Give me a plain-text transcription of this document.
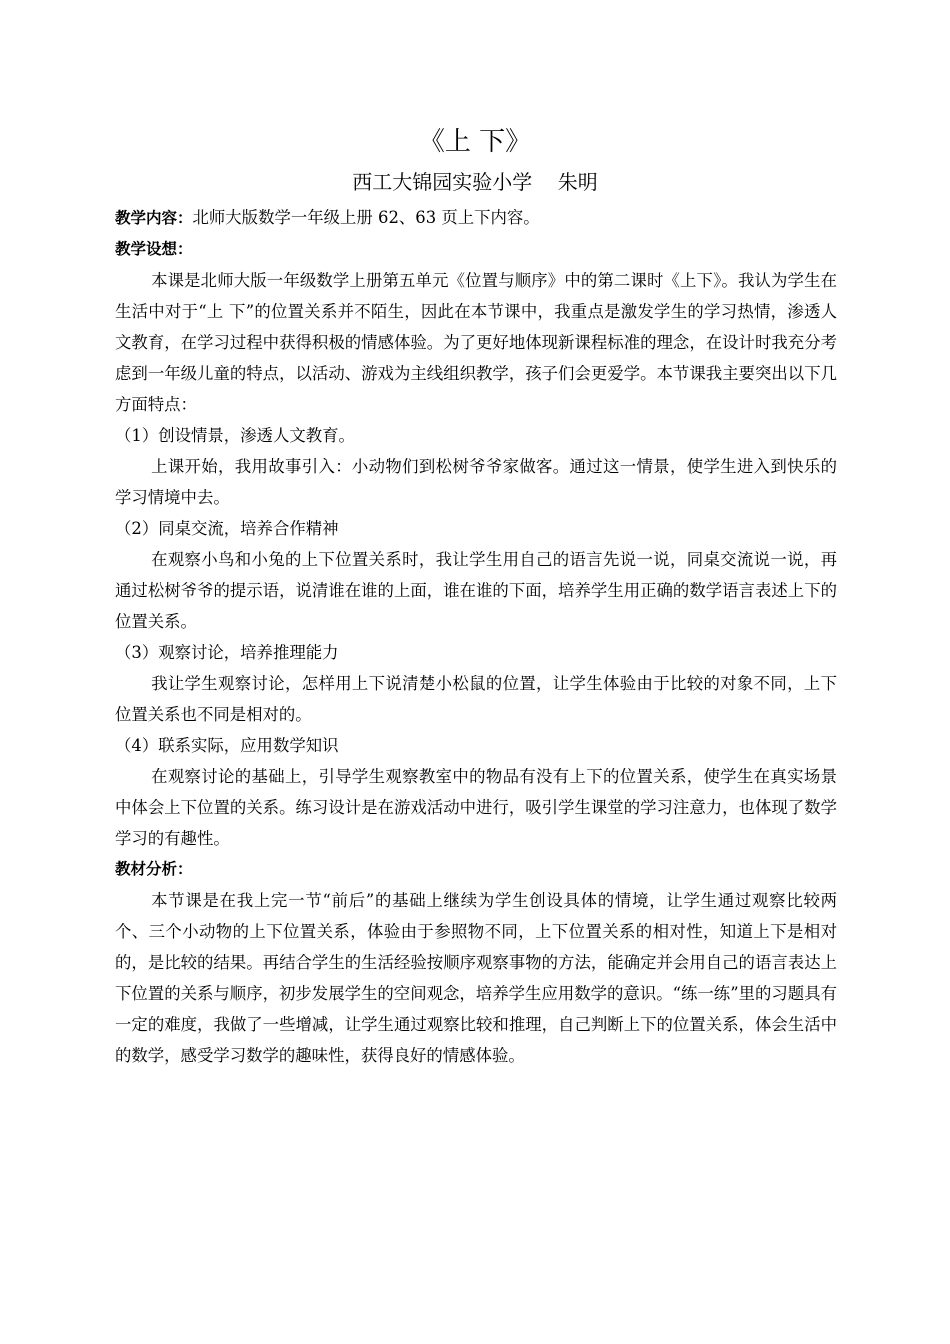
《上 下》
西工大锦园实验小学    朱明

教学内容：北师大版数学一年级上册 62、63 页上下内容。

教学设想：

本课是北师大版一年级数学上册第五单元《位置与顺序》中的第二课时《上下》。我认为学生在生活中对于“上 下”的位置关系并不陌生，因此在本节课中，我重点是激发学生的学习热情，渗透人文教育，在学习过程中获得积极的情感体验。为了更好地体现新课程标准的理念，在设计时我充分考虑到一年级儿童的特点，以活动、游戏为主线组织教学，孩子们会更爱学。本节课我主要突出以下几方面特点：

（1）创设情景，渗透人文教育。

上课开始，我用故事引入：小动物们到松树爷爷家做客。通过这一情景，使学生进入到快乐的学习情境中去。

（2）同桌交流，培养合作精神

在观察小鸟和小兔的上下位置关系时，我让学生用自己的语言先说一说，同桌交流说一说，再通过松树爷爷的提示语，说清谁在谁的上面，谁在谁的下面，培养学生用正确的数学语言表述上下的位置关系。

（3）观察讨论，培养推理能力

我让学生观察讨论，怎样用上下说清楚小松鼠的位置，让学生体验由于比较的对象不同，上下位置关系也不同是相对的。

（4）联系实际，应用数学知识

在观察讨论的基础上，引导学生观察教室中的物品有没有上下的位置关系，使学生在真实场景中体会上下位置的关系。练习设计是在游戏活动中进行，吸引学生课堂的学习注意力，也体现了数学学习的有趣性。

教材分析：

本节课是在我上完一节“前后”的基础上继续为学生创设具体的情境，让学生通过观察比较两个、三个小动物的上下位置关系，体验由于参照物不同，上下位置关系的相对性，知道上下是相对的，是比较的结果。再结合学生的生活经验按顺序观察事物的方法，能确定并会用自己的语言表达上下位置的关系与顺序，初步发展学生的空间观念，培养学生应用数学的意识。“练一练”里的习题具有一定的难度，我做了一些增减，让学生通过观察比较和推理，自己判断上下的位置关系，体会生活中的数学，感受学习数学的趣味性，获得良好的情感体验。
